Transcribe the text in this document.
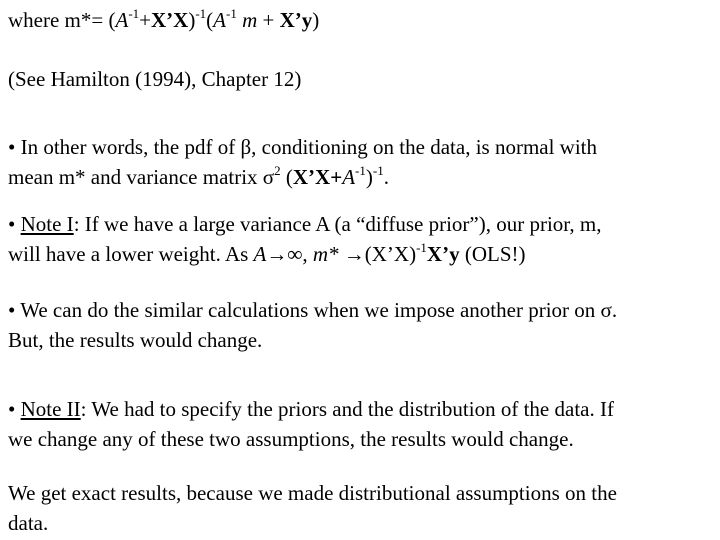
where $m*= (A^{-1}+X’X)^{-1}(A^{-1}$ m + X’y)
(See Hamilton (1994), Chapter 12)
• In other words, the pdf of β, conditioning on the data, is normal with
mean m* and variance matrix $\sigma^2$ $(X’X+A^{-1})^{-1}$.
• Note I: If we have a large variance A (a “diffuse prior”), our prior, m,
will have a lower weight. As A→∞, m* →(X’X)$^{-1}$X’y (OLS!)
• We can do the similar calculations when we impose another prior on σ.
But, the results would change.
• Note II: We had to specify the priors and the distribution of the data. If
we change any of these two assumptions, the results would change.
We get exact results, because we made distributional assumptions on the
data.
